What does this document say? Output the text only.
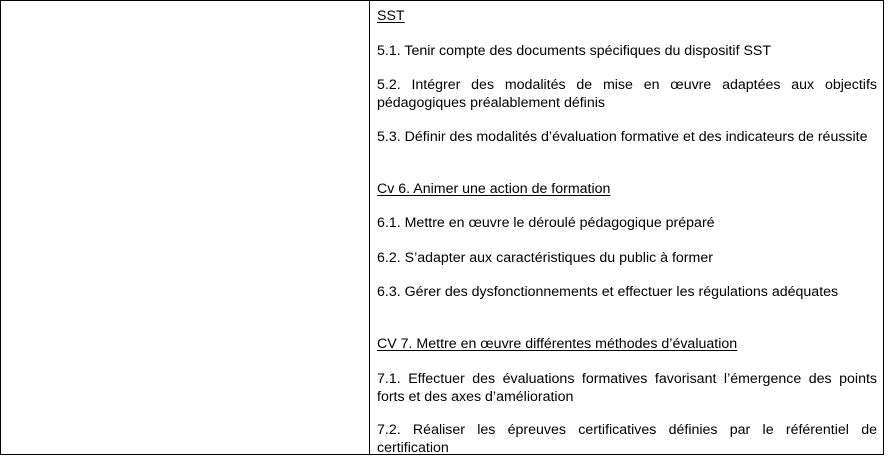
SST
5.1. Tenir compte des documents spécifiques du dispositif SST
5.2. Intégrer des modalités de mise en œuvre adaptées aux objectifs pédagogiques préalablement définis
5.3. Définir des modalités d’évaluation formative et des indicateurs de réussite
Cv 6. Animer une action de formation
6.1. Mettre en œuvre le déroulé pédagogique préparé
6.2. S’adapter aux caractéristiques du public à former
6.3. Gérer des dysfonctionnements et effectuer les régulations adéquates
CV 7. Mettre en œuvre différentes méthodes d’évaluation
7.1. Effectuer des évaluations formatives favorisant l’émergence des points forts et des axes d’amélioration
7.2. Réaliser les épreuves certificatives définies par le référentiel de certification
